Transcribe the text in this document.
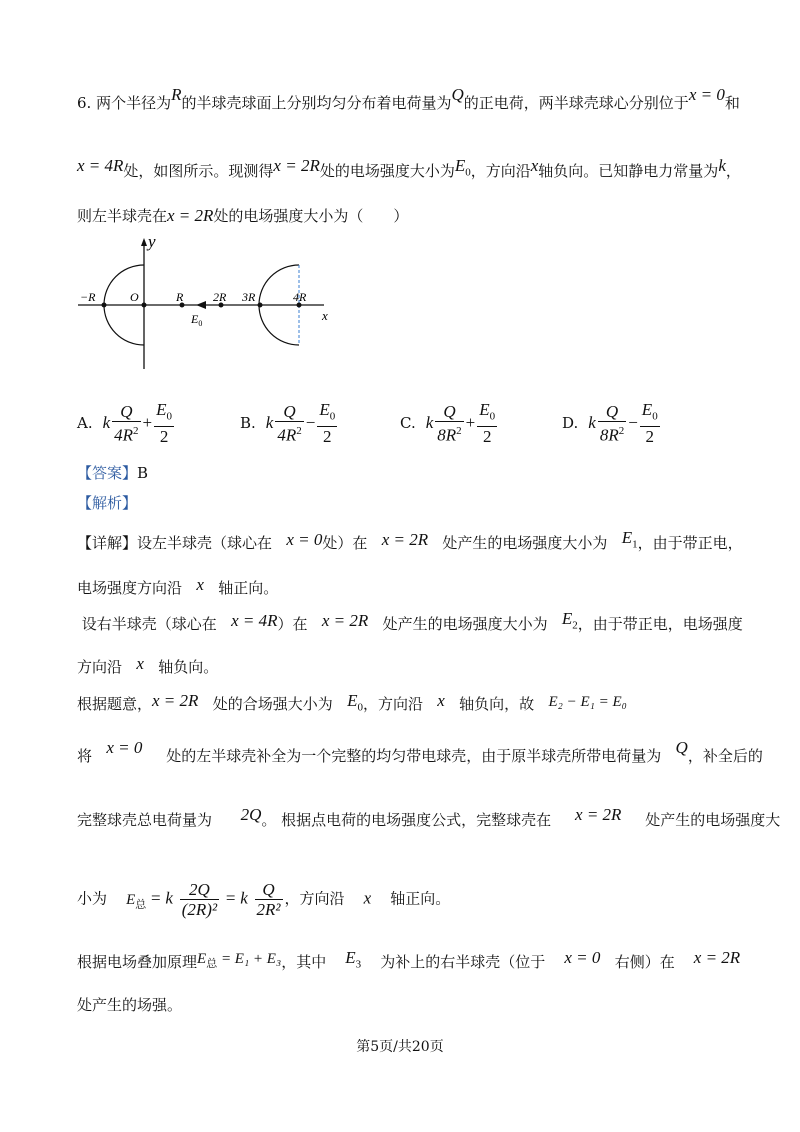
6. 两个半径为R的半球壳球面上分别均匀分布着电荷量为Q的正电荷，两半球壳球心分别位于x = 0和
x = 4R处，如图所示。现测得x = 2R处的电场强度大小为$E_0$，方向沿x轴负向。已知静电力常量为k，
则左半球壳在x = 2R处的电场强度大小为（　　）
y
x
−R	O	R 2R 3R	4R
$E_0$
A. k $\frac{Q}{4R^2} + \frac{E_0}{2}$	B. k $\frac{Q}{4R^2} - \frac{E_0}{2}$	C. k $\frac{Q}{8R^2} + \frac{E_0}{2}$	D. k $\frac{Q}{8R^2} - \frac{E_0}{2}$
【答案】B
【解析】
【详解】设左半球壳（球心在 x = 0处）在 x = 2R 处产生的电场强度大小为 $E_1$，由于带正电，
电场强度方向沿 x 轴正向。
设右半球壳（球心在 x = 4R）在 x = 2R 处产生的电场强度大小为 $E_2$，由于带正电，电场强度
方向沿 x 轴负向。
根据题意，x = 2R 处的合场强大小为 $E_0$，方向沿 x 轴负向，故 E₂ − E₁ = E₀
将 x = 0 处的左半球壳补全为一个完整的均匀带电球壳，由于原半球壳所带电荷量为 Q，补全后的
完整球壳总电荷量为 2Q。 根据点电荷的电场强度公式，完整球壳在 x = 2R 处产生的电场强度大
小为 $E_总 = k \frac{2Q}{\text{(2R)²}} = k \frac{Q}{\text{2R²}}$ ，方向沿 x 轴正向。
根据电场叠加原理$E_总 = E_1 + E_3$，其中 $E_3$ 为补上的右半球壳（位于 x = 0 右侧）在 x = 2R
处产生的场强。
第5页/共20页
